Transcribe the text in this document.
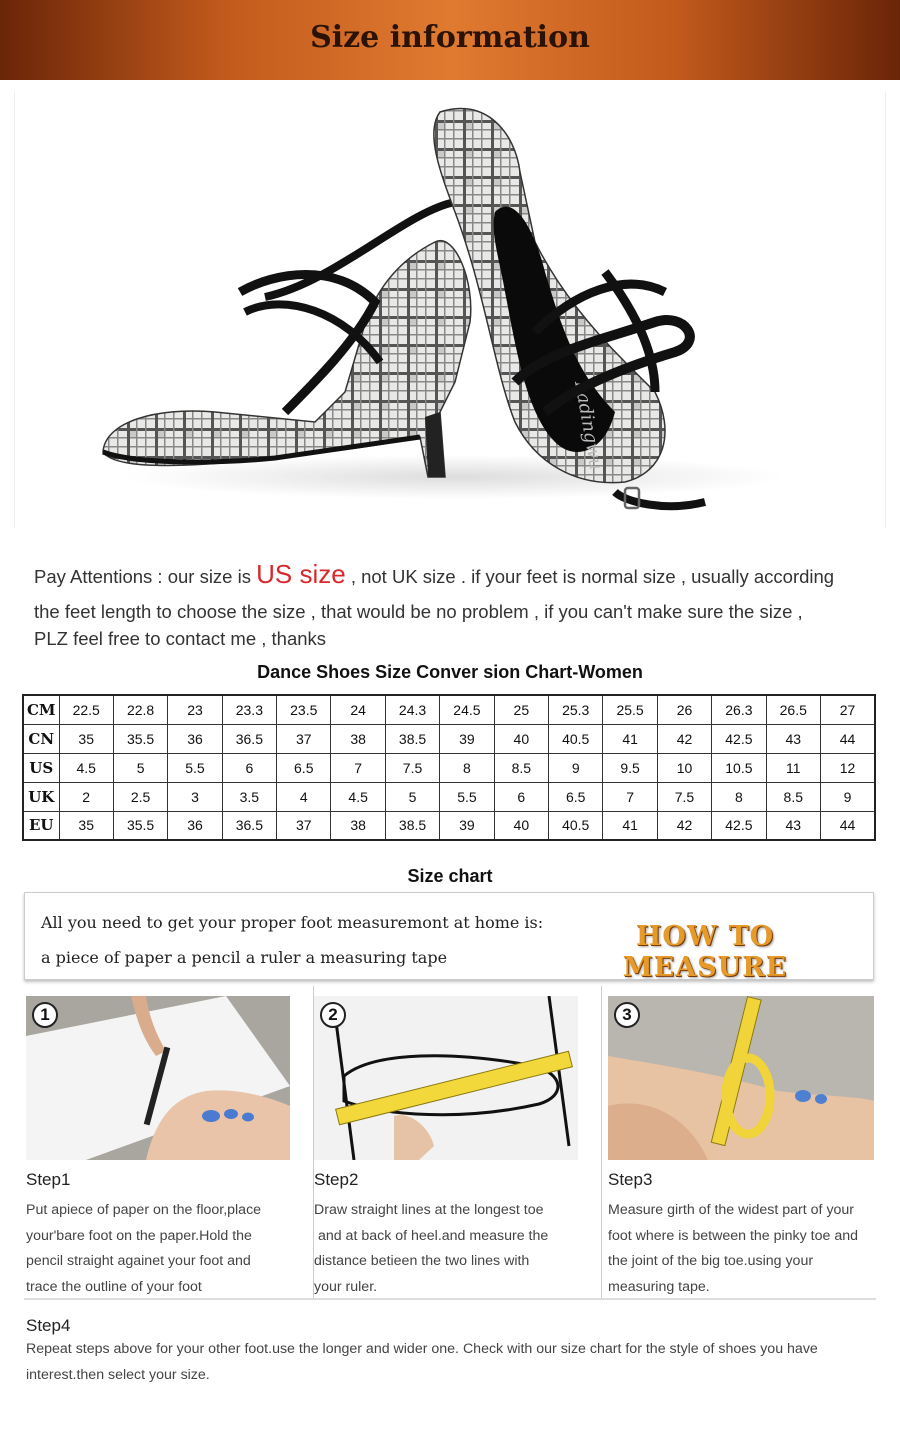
Size information
Ladingwu
Pay Attentions : our size is US size , not UK size . if your feet is normal size , usually according
the feet length to choose the size , that would be no problem , if you can't make sure the size ,
PLZ feel free to contact me , thanks
Dance Shoes Size Conver sion Chart-Women
CM	22.5	22.8	23	23.3	23.5	24	24.3	24.5	25	25.3	25.5	26	26.3	26.5	27
CN	35	35.5	36	36.5	37	38	38.5	39	40	40.5	41	42	42.5	43	44
US	4.5	5	5.5	6	6.5	7	7.5	8	8.5	9	9.5	10	10.5	11	12
UK	2	2.5	3	3.5	4	4.5	5	5.5	6	6.5	7	7.5	8	8.5	9
EU	35	35.5	36	36.5	37	38	38.5	39	40	40.5	41	42	42.5	43	44
Size chart
All you need to get your proper foot measuremont at home is:
a piece of paper a pencil a ruler a measuring tape
HOW TO MEASURE
1
Step1
Put apiece of paper on the floor,place
your'bare foot on the paper.Hold the
pencil straight againet your foot and
trace the outline of your foot
2
Step2
Draw straight lines at the longest toe
and at back of heel.and measure the
distance betieen the two lines with
your ruler.
3
Step3
Measure girth of the widest part of your
foot where is between the pinky toe and
the joint of the big toe.using your
measuring tape.
Step4
Repeat steps above for your other foot.use the longer and wider one. Check with our size chart for the style of shoes you have
interest.then select your size.
